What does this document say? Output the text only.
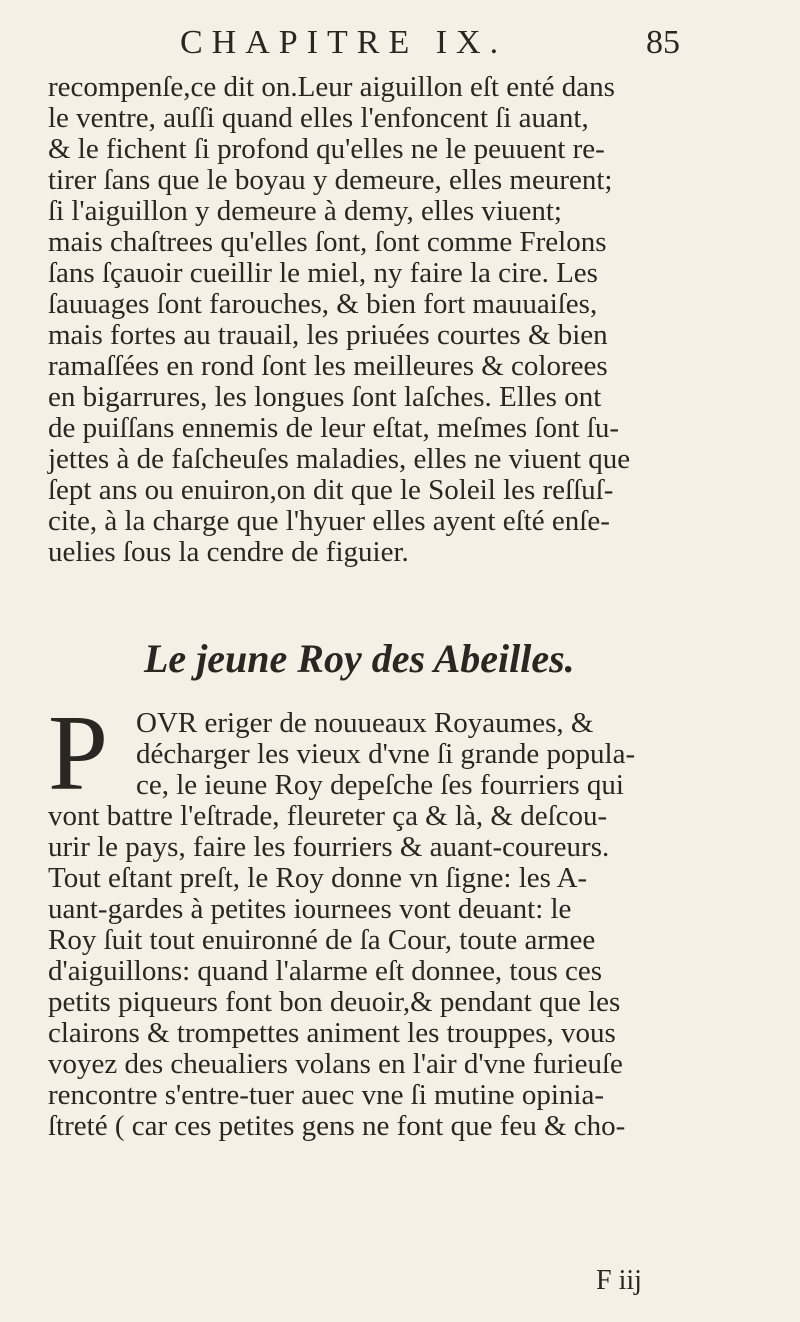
CHAPITRE IX.	85
recompenſe,ce dit on.Leur aiguillon eſt enté dans
le ventre, auſſi quand elles l'enfoncent ſi auant,
& le fichent ſi profond qu'elles ne le peuuent re-
tirer ſans que le boyau y demeure, elles meurent;
ſi l'aiguillon y demeure à demy, elles viuent;
mais chaſtrees qu'elles ſont, ſont comme Frelons
ſans ſçauoir cueillir le miel, ny faire la cire. Les
ſauuages ſont farouches, & bien fort mauuaiſes,
mais fortes au trauail, les priuées courtes & bien
ramaſſées en rond ſont les meilleures & colorees
en bigarrures, les longues ſont laſches. Elles ont
de puiſſans ennemis de leur eſtat, meſmes ſont ſu-
jettes à de faſcheuſes maladies, elles ne viuent que
ſept ans ou enuiron,on dit que le Soleil les reſſuſ-
cite, à la charge que l'hyuer elles ayent eſté enſe-
uelies ſous la cendre de figuier.
Le jeune Roy des Abeilles.
P OVR eriger de nouueaux Royaumes, &
décharger les vieux d'vne ſi grande popula-
ce, le ieune Roy depeſche ſes fourriers qui
vont battre l'eſtrade, fleureter ça & là, & deſcou-
urir le pays, faire les fourriers & auant-coureurs.
Tout eſtant preſt, le Roy donne vn ſigne: les A-
uant-gardes à petites iournees vont deuant: le
Roy ſuit tout enuironné de ſa Cour, toute armee
d'aiguillons: quand l'alarme eſt donnee, tous ces
petits piqueurs font bon deuoir,& pendant que les
clairons & trompettes animent les trouppes, vous
voyez des cheualiers volans en l'air d'vne furieuſe
rencontre s'entre-tuer auec vne ſi mutine opinia-
ſtreté ( car ces petites gens ne font que feu & cho-
F iij
